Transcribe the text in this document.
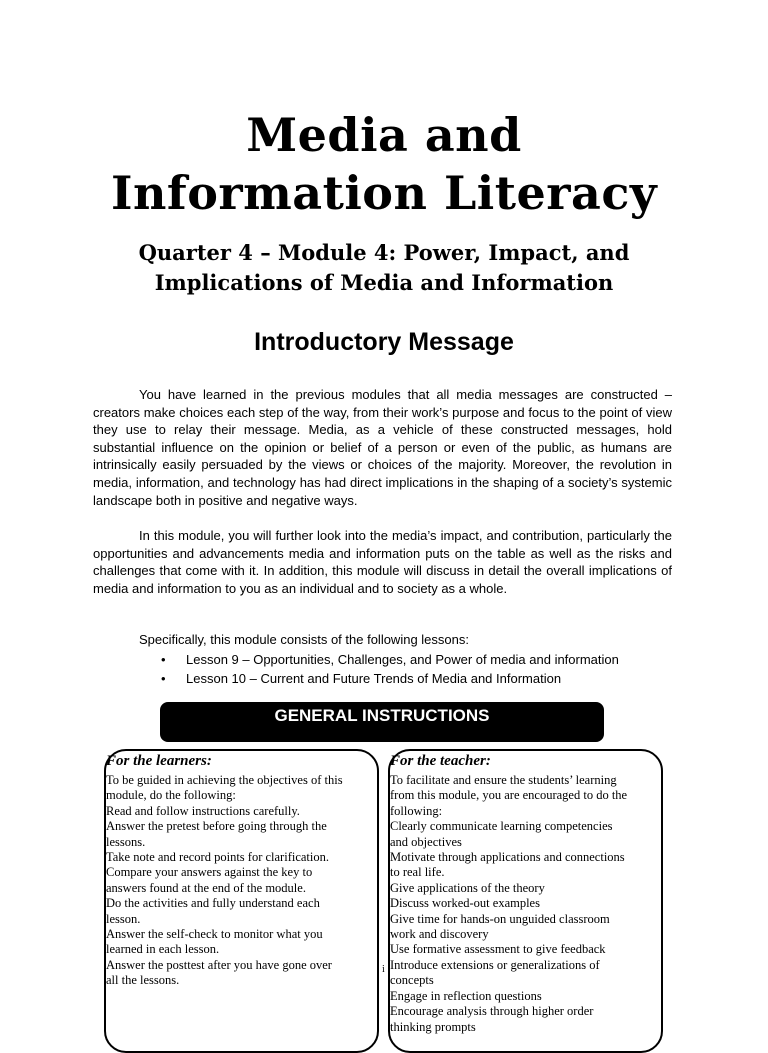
Media and
Information Literacy
Quarter 4 – Module 4: Power, Impact, and
Implications of Media and Information
Introductory Message

You have learned in the previous modules that all media messages are constructed – creators make choices each step of the way, from their work’s purpose and focus to the point of view they use to relay their message. Media, as a vehicle of these constructed messages, hold substantial influence on the opinion or belief of a person or even of the public, as humans are intrinsically easily persuaded by the views or choices of the majority. Moreover, the revolution in media, information, and technology has had direct implications in the shaping of a society’s systemic landscape both in positive and negative ways.

In this module, you will further look into the media’s impact, and contribution, particularly the opportunities and advancements media and information puts on the table as well as the risks and challenges that come with it. In addition, this module will discuss in detail the overall implications of media and information to you as an individual and to society as a whole.

Specifically, this module consists of the following lessons:
• Lesson 9 – Opportunities, Challenges, and Power of media and information
• Lesson 10 – Current and Future Trends of Media and Information
GENERAL INSTRUCTIONS
For the learners:
To be guided in achieving the objectives of this
module, do the following:
Read and follow instructions carefully.
Answer the pretest before going through the
lessons.
Take note and record points for clarification.
Compare your answers against the key to
answers found at the end of the module.
Do the activities and fully understand each
lesson.
Answer the self-check to monitor what you
learned in each lesson.
Answer the posttest after you have gone over
all the lessons.
i
For the teacher:
To facilitate and ensure the students’ learning
from this module, you are encouraged to do the
following:
Clearly communicate learning competencies
and objectives
Motivate through applications and connections
to real life.
Give applications of the theory
Discuss worked-out examples
Give time for hands-on unguided classroom
work and discovery
Use formative assessment to give feedback
Introduce extensions or generalizations of
concepts
Engage in reflection questions
Encourage analysis through higher order
thinking prompts
